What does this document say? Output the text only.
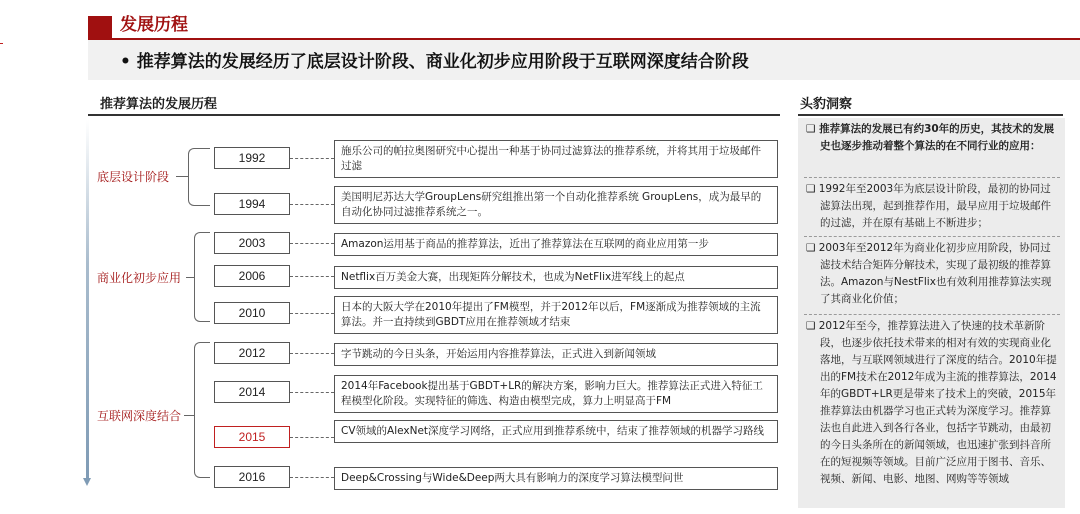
发展历程
• 推荐算法的发展经历了底层设计阶段、商业化初步应用阶段于互联网深度结合阶段
推荐算法的发展历程	头豹洞察
底层设计阶段
商业化初步应用
互联网深度结合
1992	施乐公司的帕拉奥图研究中心提出一种基于协同过滤算法的推荐系统，并将其用于垃圾邮件过滤
1994	美国明尼苏达大学GroupLens研究组推出第一个自动化推荐系统 GroupLens，成为最早的自动化协同过滤推荐系统之一。
2003	Amazon运用基于商品的推荐算法，近出了推荐算法在互联网的商业应用第一步
2006	Netflix百万美金大赛，出现矩阵分解技术，也成为NetFlix进军线上的起点
2010	日本的大阪大学在2010年提出了FM模型，并于2012年以后，FM逐渐成为推荐领域的主流算法。并一直持续到GBDT应用在推荐领域才结束
2012	字节跳动的今日头条，开始运用内容推荐算法，正式进入到新闻领域
2014	2014年Facebook提出基于GBDT+LR的解决方案，影响力巨大。推荐算法正式进入特征工程模型化阶段。实现特征的筛选、构造由模型完成，算力上明显高于FM
2015	CV领域的AlexNet深度学习网络，正式应用到推荐系统中，结束了推荐领域的机器学习路线
2016	Deep&Crossing与Wide&Deep两大具有影响力的深度学习算法模型问世
❑ 推荐算法的发展已有约30年的历史，其技术的发展史也逐步推动着整个算法的在不同行业的应用：
❑ 1992年至2003年为底层设计阶段，最初的协同过滤算法出现，起到推荐作用，最早应用于垃圾邮件的过滤，并在原有基础上不断进步；
❑ 2003年至2012年为商业化初步应用阶段，协同过滤技术结合矩阵分解技术，实现了最初级的推荐算法。Amazon与NestFlix也有效利用推荐算法实现了其商业化价值；
❑ 2012年至今，推荐算法进入了快速的技术革新阶段，也逐步依托技术带来的相对有效的实现商业化落地，与互联网领域进行了深度的结合。2010年提出的FM技术在2012年成为主流的推荐算法，2014年的GBDT+LR更是带来了技术上的突破，2015年推荐算法由机器学习也正式转为深度学习。推荐算法也自此进入到各行各业，包括字节跳动，由最初的今日头条所在的新闻领域，也迅速扩张到抖音所在的短视频等领域。目前广泛应用于图书、音乐、视频、新闻、电影、地图、网购等等领域
